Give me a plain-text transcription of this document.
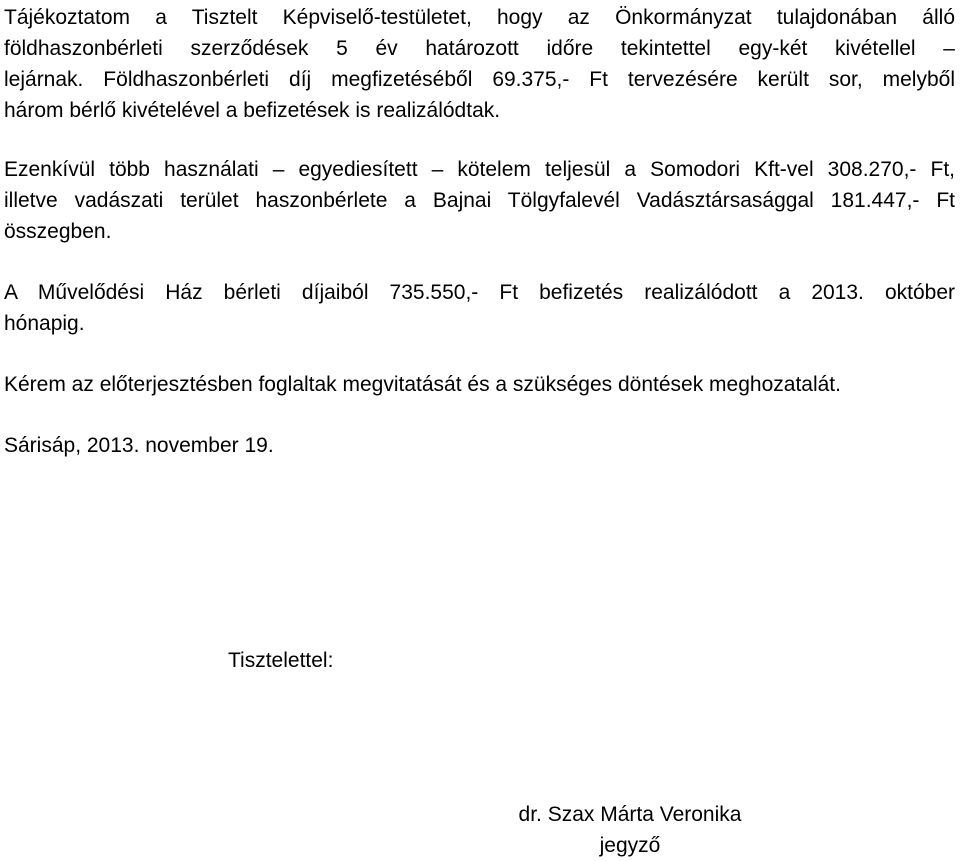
Tájékoztatom a Tisztelt Képviselő-testületet, hogy az Önkormányzat tulajdonában álló
földhaszonbérleti szerződések 5 év határozott időre tekintettel egy-két kivétellel –
lejárnak. Földhaszonbérleti díj megfizetéséből 69.375,- Ft tervezésére került sor, melyből
három bérlő kivételével a befizetések is realizálódtak.

Ezenkívül több használati – egyediesített – kötelem teljesül a Somodori Kft-vel 308.270,- Ft,
illetve vadászati terület haszonbérlete a Bajnai Tölgyfalevél Vadásztársasággal 181.447,- Ft
összegben.

A Művelődési Ház bérleti díjaiból 735.550,- Ft befizetés realizálódott a 2013. október
hónapig.

Kérem az előterjesztésben foglaltak megvitatását és a szükséges döntések meghozatalát.

Sárisáp, 2013. november 19.

Tisztelettel:
dr. Szax Márta Veronika
jegyző
